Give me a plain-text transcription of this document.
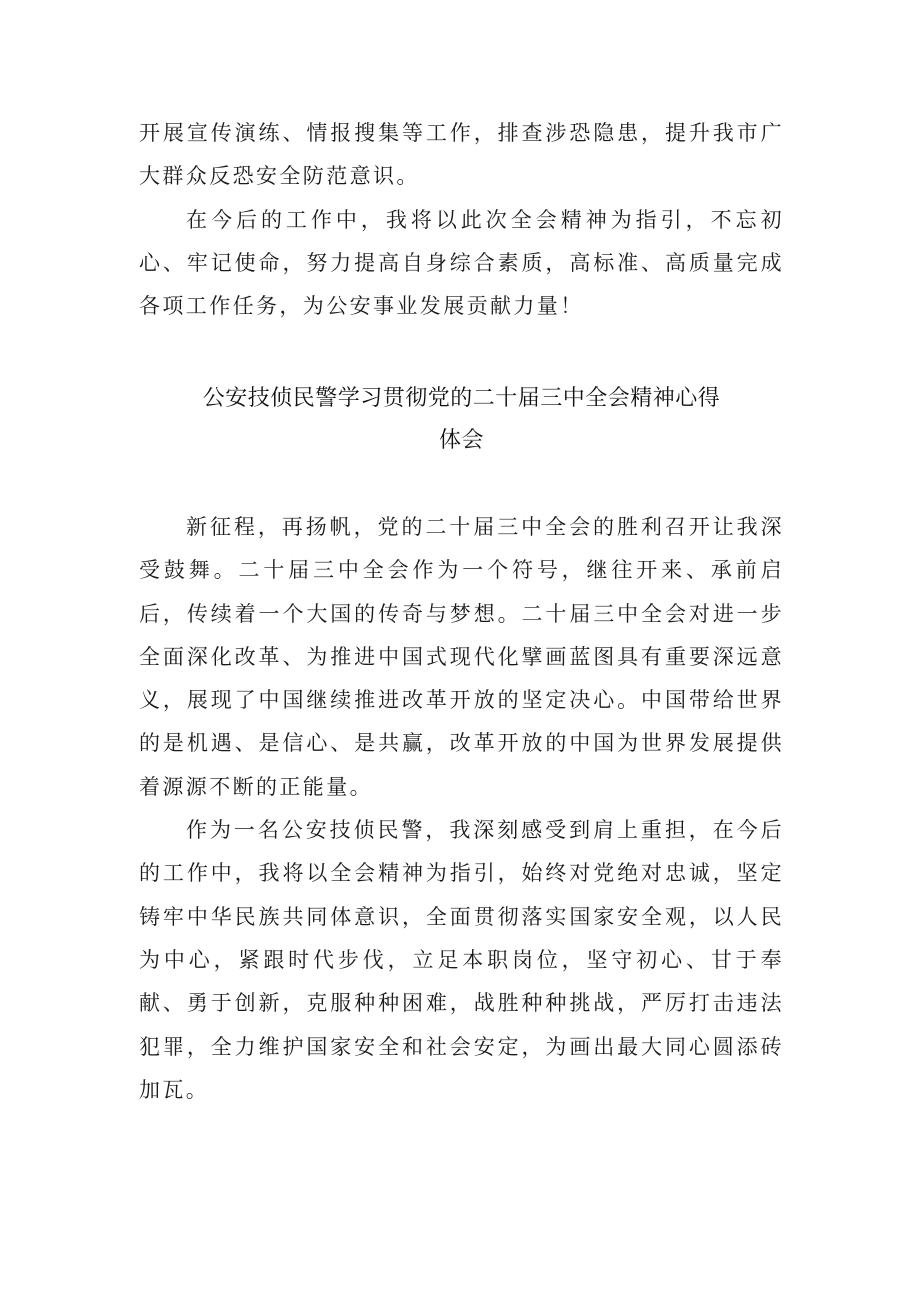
开展宣传演练、情报搜集等工作，排查涉恐隐患，提升我市广大群众反恐安全防范意识。

在今后的工作中，我将以此次全会精神为指引，不忘初心、牢记使命，努力提高自身综合素质，高标准、高质量完成各项工作任务，为公安事业发展贡献力量！

公安技侦民警学习贯彻党的二十届三中全会精神心得
体会

新征程，再扬帆，党的二十届三中全会的胜利召开让我深受鼓舞。二十届三中全会作为一个符号，继往开来、承前启后，传续着一个大国的传奇与梦想。二十届三中全会对进一步全面深化改革、为推进中国式现代化擘画蓝图具有重要深远意义，展现了中国继续推进改革开放的坚定决心。中国带给世界的是机遇、是信心、是共赢，改革开放的中国为世界发展提供着源源不断的正能量。

作为一名公安技侦民警，我深刻感受到肩上重担，在今后的工作中，我将以全会精神为指引，始终对党绝对忠诚，坚定铸牢中华民族共同体意识，全面贯彻落实国家安全观，以人民为中心，紧跟时代步伐，立足本职岗位，坚守初心、甘于奉献、勇于创新，克服种种困难，战胜种种挑战，严厉打击违法犯罪，全力维护国家安全和社会安定，为画出最大同心圆添砖加瓦。
